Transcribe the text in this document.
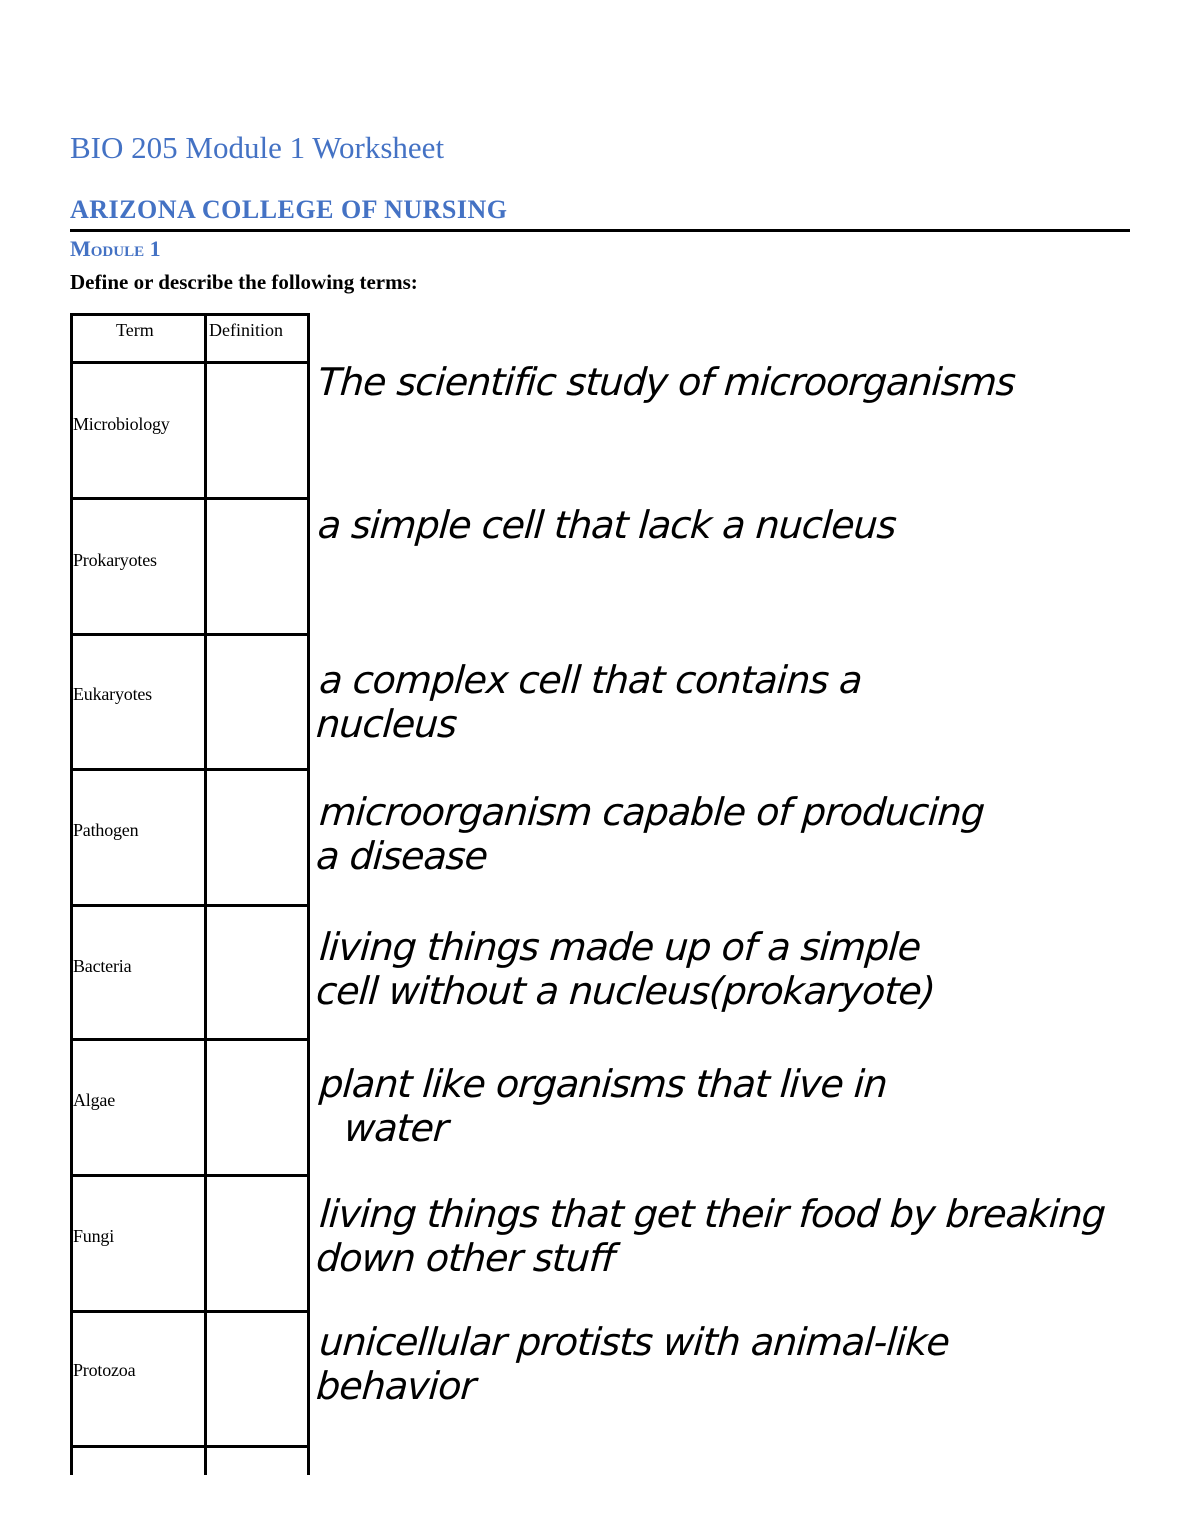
BIO 205 Module 1 Worksheet
ARIZONA COLLEGE OF NURSING
Module 1
Define or describe the following terms:
Term	Definition
Microbiology
Prokaryotes
Eukaryotes
Pathogen
Bacteria
Algae
Fungi
Protozoa
The scientific study of microorganisms
a simple cell that lack a nucleus
a complex cell that contains a
nucleus
microorganism capable of producing
a disease
living things made up of a simple
cell without a nucleus(prokaryote)
plant like organisms that live in
water
living things that get their food by breaking
down other stuff
unicellular protists with animal-like
behavior
